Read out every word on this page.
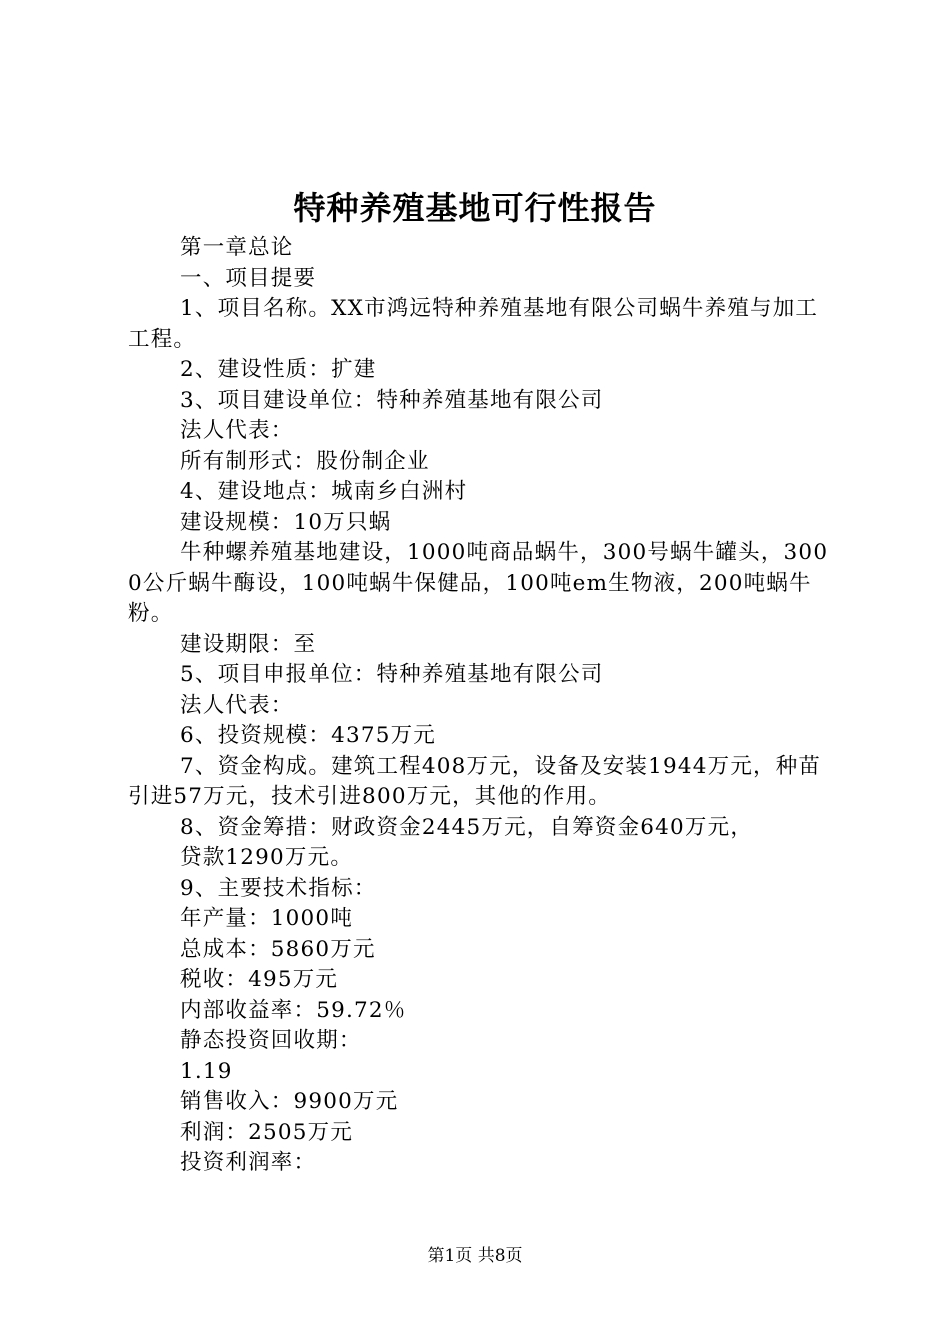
特种养殖基地可行性报告

第一章总论

一、项目提要

1、项目名称。XX市鸿远特种养殖基地有限公司蜗牛养殖与加工工程。

2、建设性质：扩建

3、项目建设单位：特种养殖基地有限公司

法人代表：

所有制形式：股份制企业

4、建设地点：城南乡白洲村

建设规模：10万只蜗

牛种螺养殖基地建设，1000吨商品蜗牛，300号蜗牛罐头，3000公斤蜗牛酶设，100吨蜗牛保健品，100吨em生物液，200吨蜗牛粉。

建设期限：至

5、项目申报单位：特种养殖基地有限公司

法人代表：

6、投资规模：4375万元

7、资金构成。建筑工程408万元，设备及安装1944万元，种苗引进57万元，技术引进800万元，其他的作用。

8、资金筹措：财政资金2445万元，自筹资金640万元，

贷款1290万元。

9、主要技术指标：

年产量：1000吨

总成本：5860万元

税收：495万元

内部收益率：59.72％

静态投资回收期：

1.19

销售收入：9900万元

利润：2505万元

投资利润率：

第1页 共8页
